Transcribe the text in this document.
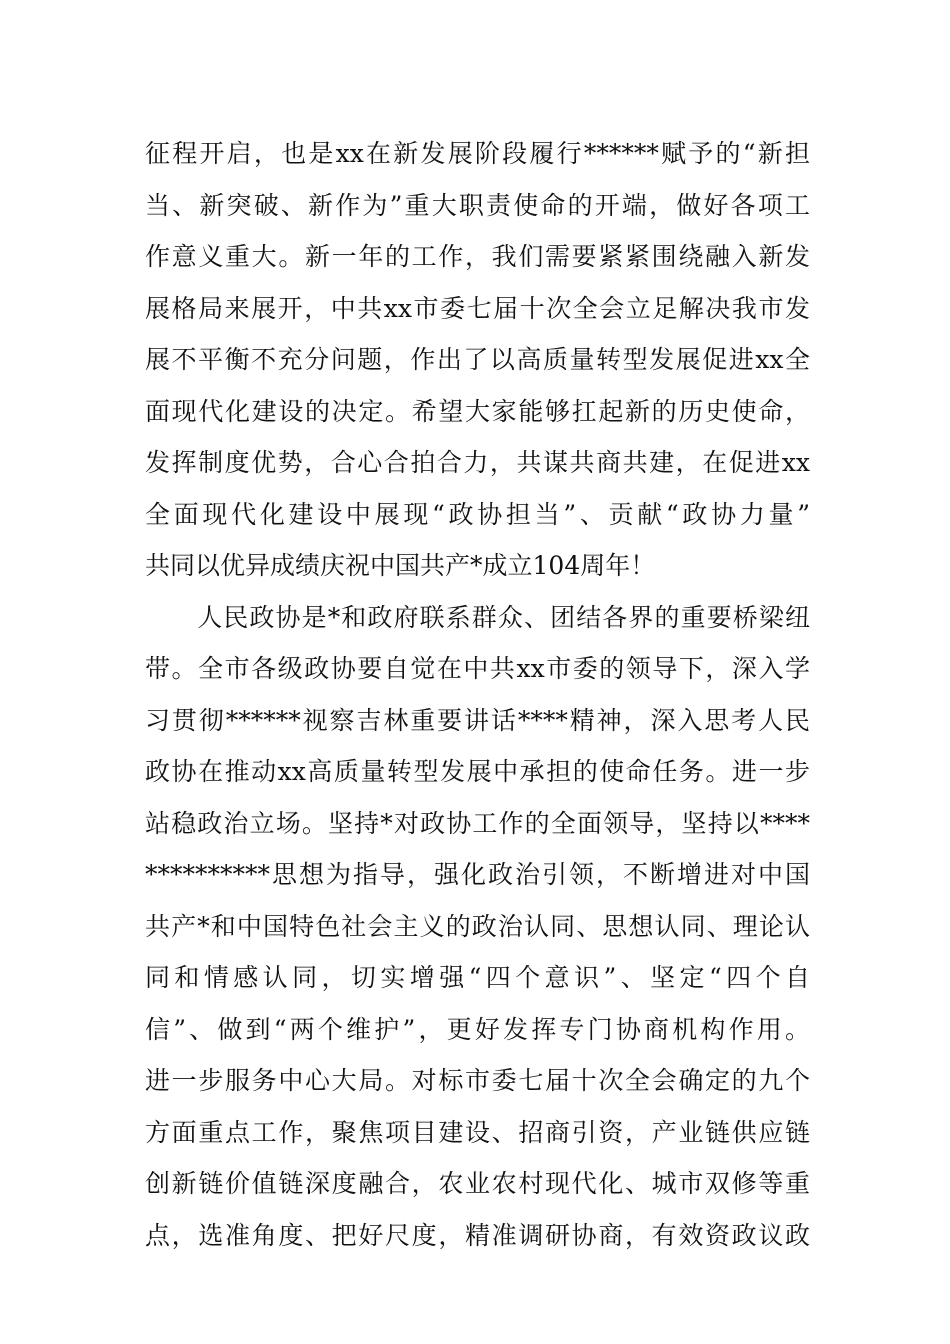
征程开启，也是xx在新发展阶段履行******赋予的“新担
当、新突破、新作为”重大职责使命的开端，做好各项工
作意义重大。新一年的工作，我们需要紧紧围绕融入新发
展格局来展开，中共xx市委七届十次全会立足解决我市发
展不平衡不充分问题，作出了以高质量转型发展促进xx全
面现代化建设的决定。希望大家能够扛起新的历史使命，
发挥制度优势，合心合拍合力，共谋共商共建，在促进xx
全面现代化建设中展现“政协担当”、贡献“政协力量”
共同以优异成绩庆祝中国共产*成立104周年！
　　人民政协是*和政府联系群众、团结各界的重要桥梁纽
带。全市各级政协要自觉在中共xx市委的领导下，深入学
习贯彻******视察吉林重要讲话****精神，深入思考人民
政协在推动xx高质量转型发展中承担的使命任务。进一步
站稳政治立场。坚持*对政协工作的全面领导，坚持以****
**********思想为指导，强化政治引领，不断增进对中国
共产*和中国特色社会主义的政治认同、思想认同、理论认
同和情感认同，切实增强“四个意识”、坚定“四个自
信”、做到“两个维护”，更好发挥专门协商机构作用。
进一步服务中心大局。对标市委七届十次全会确定的九个
方面重点工作，聚焦项目建设、招商引资，产业链供应链
创新链价值链深度融合，农业农村现代化、城市双修等重
点，选准角度、把好尺度，精准调研协商，有效资政议政
